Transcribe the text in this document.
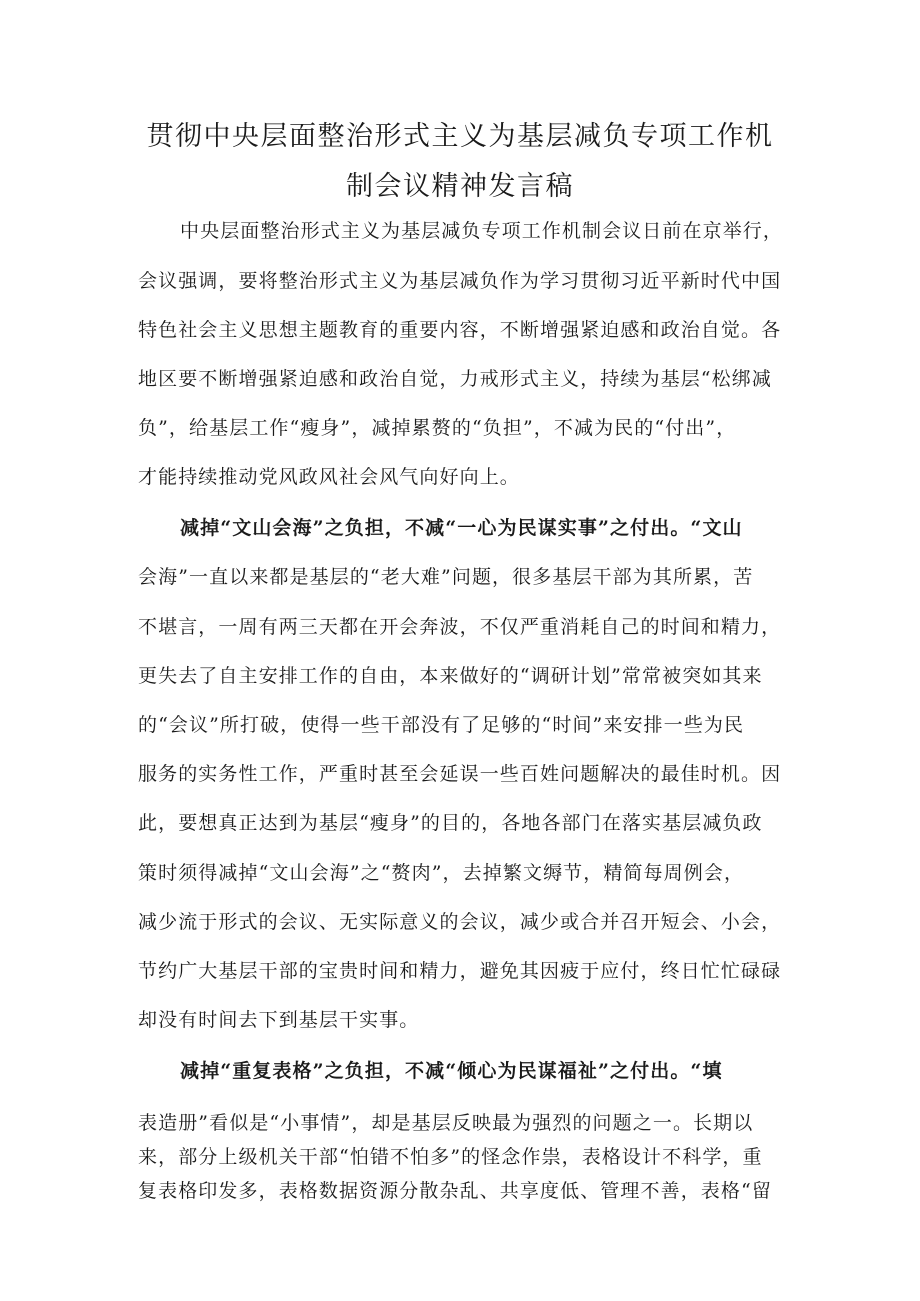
贯彻中央层面整治形式主义为基层减负专项工作机
制会议精神发言稿

中央层面整治形式主义为基层减负专项工作机制会议日前在京举行，

会议强调，要将整治形式主义为基层减负作为学习贯彻习近平新时代中国

特色社会主义思想主题教育的重要内容，不断增强紧迫感和政治自觉。各

地区要不断增强紧迫感和政治自觉，力戒形式主义，持续为基层“松绑减

负”，给基层工作“瘦身”，减掉累赘的“负担”，不减为民的“付出”，

才能持续推动党风政风社会风气向好向上。

减掉“文山会海”之负担，不减“一心为民谋实事”之付出。“文山

会海”一直以来都是基层的“老大难”问题，很多基层干部为其所累，苦

不堪言，一周有两三天都在开会奔波，不仅严重消耗自己的时间和精力，

更失去了自主安排工作的自由，本来做好的“调研计划”常常被突如其来

的“会议”所打破，使得一些干部没有了足够的“时间”来安排一些为民

服务的实务性工作，严重时甚至会延误一些百姓问题解决的最佳时机。因

此，要想真正达到为基层“瘦身”的目的，各地各部门在落实基层减负政

策时须得减掉“文山会海”之“赘肉”，去掉繁文缛节，精简每周例会，

减少流于形式的会议、无实际意义的会议，减少或合并召开短会、小会，

节约广大基层干部的宝贵时间和精力，避免其因疲于应付，终日忙忙碌碌

却没有时间去下到基层干实事。

减掉“重复表格”之负担，不减“倾心为民谋福祉”之付出。“填

表造册”看似是“小事情”，却是基层反映最为强烈的问题之一。长期以

来，部分上级机关干部“怕错不怕多”的怪念作祟，表格设计不科学，重

复表格印发多，表格数据资源分散杂乱、共享度低、管理不善，表格“留
